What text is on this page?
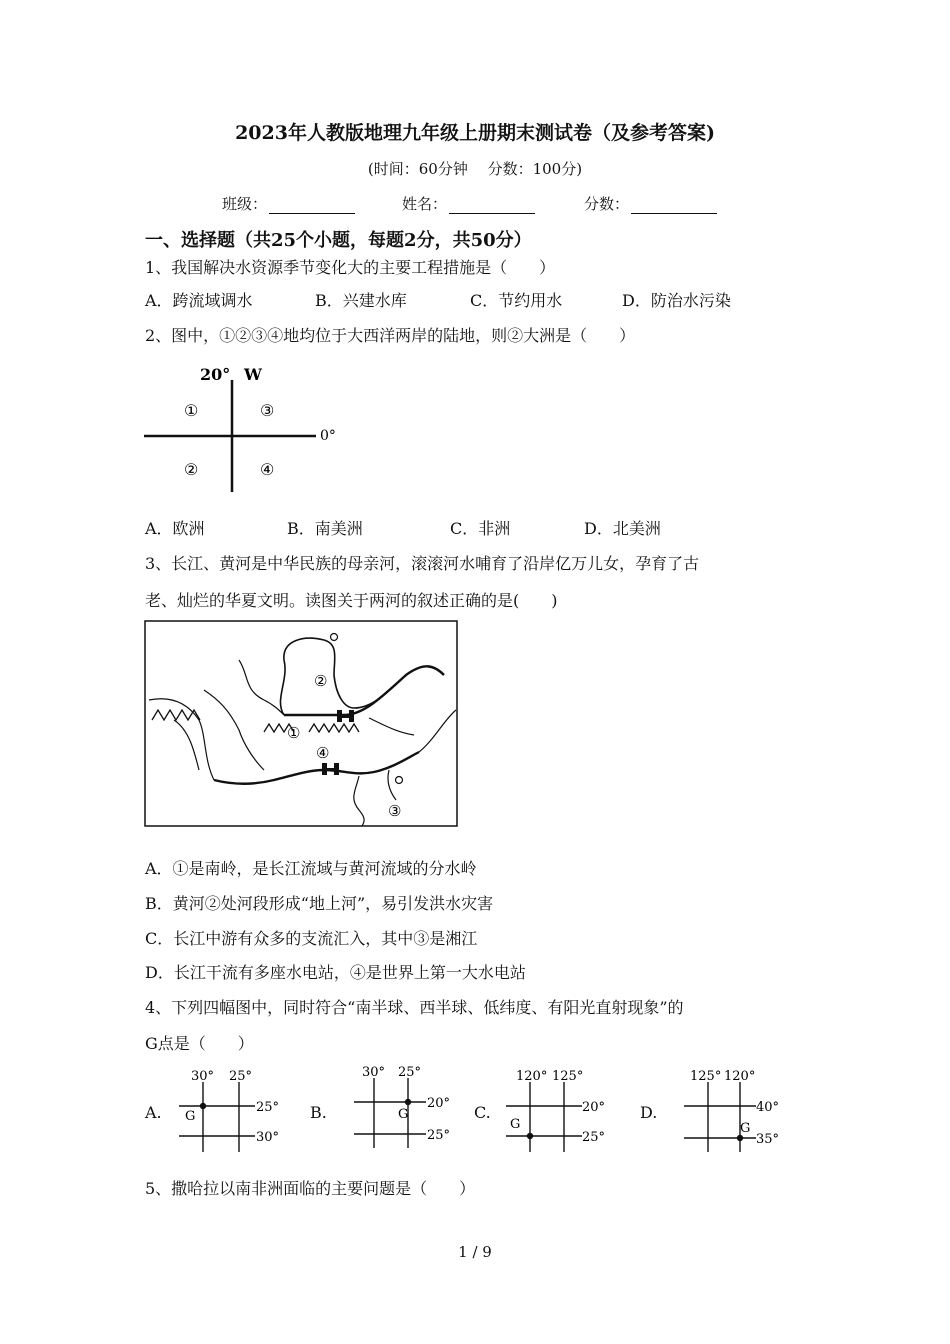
2023年人教版地理九年级上册期末测试卷（及参考答案)
(时间：60分钟　 分数：100分)
班级：	姓名：	分数：
一、选择题（共25个小题，每题2分，共50分）
1、我国解决水资源季节变化大的主要工程措施是（　　）
A．跨流域调水	B．兴建水库	C．节约用水	D．防治水污染
2、图中，①②③④地均位于大西洋两岸的陆地，则②大洲是（　　）
20° W
0°
①
②
③
④
A．欧洲	B．南美洲	C．非洲	D．北美洲
3、长江、黄河是中华民族的母亲河，滚滚河水哺育了沿岸亿万儿女，孕育了古
老、灿烂的华夏文明。读图关于两河的叙述正确的是(　　)
②
①
④
③
A．①是南岭，是长江流域与黄河流域的分水岭
B．黄河②处河段形成“地上河”，易引发洪水灾害
C．长江中游有众多的支流汇入，其中③是湘江
D．长江干流有多座水电站，④是世界上第一大水电站
4、下列四幅图中，同时符合“南半球、西半球、低纬度、有阳光直射现象”的
G点是（　　）
A.
30° 25°
25°
30°
G	B.
30° 25°
20°
25°
G	C.
120° 125°
20°
25°
G
D.
125° 120°
40°
35°
G
5、撒哈拉以南非洲面临的主要问题是（　　）
1 / 9
